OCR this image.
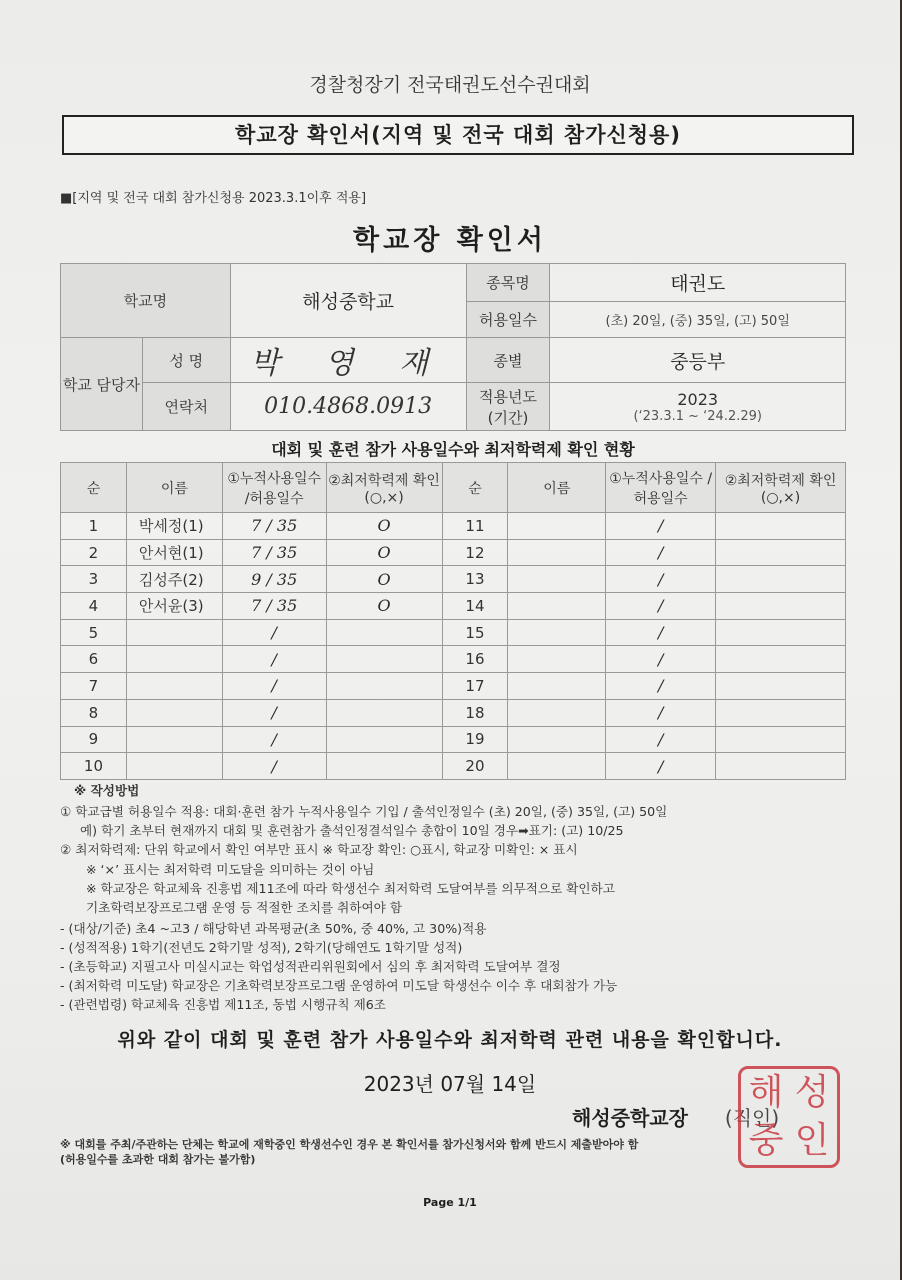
경찰청장기 전국태권도선수권대회
학교장 확인서(지역 및 전국 대회 참가신청용)
■[지역 및 전국 대회 참가신청용 2023.3.1이후 적용]
학교장 확인서
학교명		해성중학교	종목명	태권도
			허용일수	(초) 20일, (중) 35일, (고) 50일
학교 담당자	성 명	박 영 재	종별	중등부
	연락처	010.4868.0913	적용년도 (기간)	2023
(‘23.3.1 ~ ‘24.2.29)
대회 및 훈련 참가 사용일수와 최저학력제 확인 현황
순	이름	①누적사용일수 /허용일수	②최저학력제 확인(○,×)	순	이름	①누적사용일수 /허용일수	②최저학력제 확인(○,×)
1	박세정(1)	7 / 35	O	11		/	
2	안서현(1)	7 / 35	O	12		/	
3	김성주(2)	9 / 35	O	13		/	
4	안서윤(3)	7 / 35	O	14		/	
5		/		15		/	
6		/		16		/	
7		/		17		/	
8		/		18		/	
9		/		19		/	
10		/		20		/	
※ 작성방법
① 학교급별 허용일수 적용: 대회·훈련 참가 누적사용일수 기입 / 출석인정일수 (초) 20일, (중) 35일, (고) 50일
예) 학기 초부터 현재까지 대회 및 훈련참가 출석인정결석일수 총합이 10일 경우➡표기: (고) 10/25
② 최저학력제: 단위 학교에서 확인 여부만 표시 ※ 학교장 확인: ○표시, 학교장 미확인: × 표시
※ ‘×’ 표시는 최저학력 미도달을 의미하는 것이 아님
※ 학교장은 학교체육 진흥법 제11조에 따라 학생선수 최저학력 도달여부를 의무적으로 확인하고
기초학력보장프로그램 운영 등 적절한 조치를 취하여야 함
- (대상/기준) 초4 ~고3 / 해당학년 과목평균(초 50%, 중 40%, 고 30%)적용
- (성적적용) 1학기(전년도 2학기말 성적), 2학기(당해연도 1학기말 성적)
- (초등학교) 지필고사 미실시교는 학업성적관리위원회에서 심의 후 최저학력 도달여부 결정
- (최저학력 미도달) 학교장은 기초학력보장프로그램 운영하여 미도달 학생선수 이수 후 대회참가 가능
- (관련법령) 학교체육 진흥법 제11조, 동법 시행규칙 제6조
위와 같이 대회 및 훈련 참가 사용일수와 최저학력 관련 내용을 확인합니다.
2023년 07월 14일
해성중학교장 (직인)
해 성
중 인
※ 대회를 주최/주관하는 단체는 학교에 재학중인 학생선수인 경우 본 확인서를 참가신청서와 함께 반드시 제출받아야 함
(허용일수를 초과한 대회 참가는 불가함)
Page 1/1
